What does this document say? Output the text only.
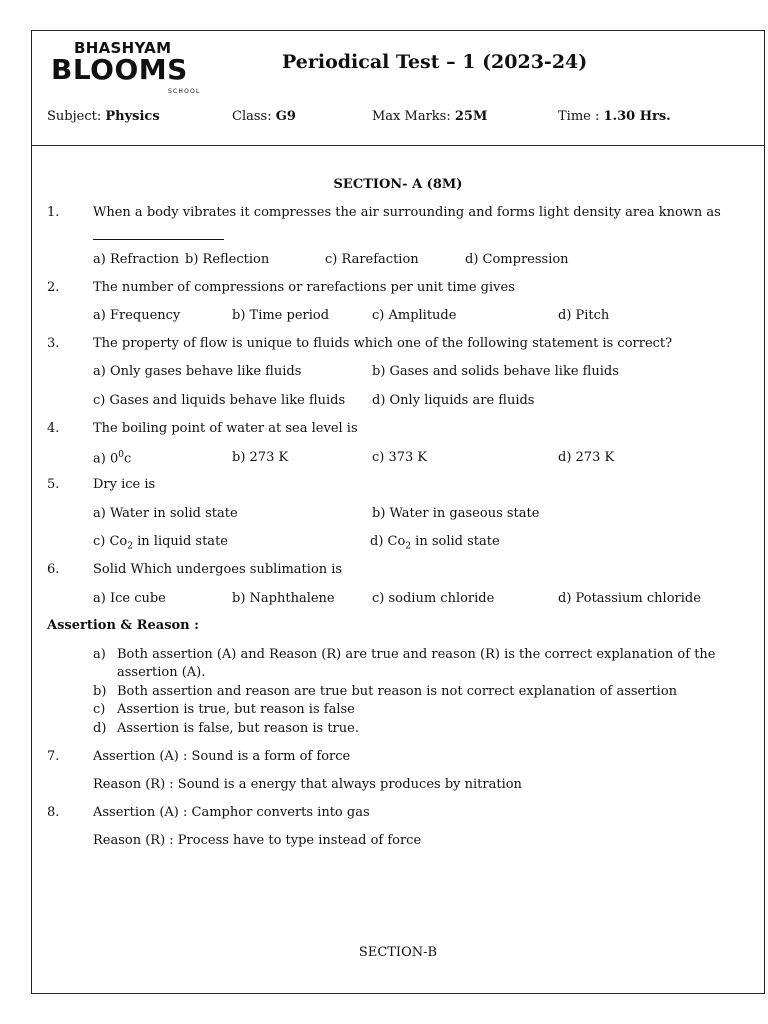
BHASHYAM
BLOOMS
SCHOOL
Periodical Test – 1 (2023-24)
Subject: Physics	Class: G9	Max Marks: 25M	Time : 1.30 Hrs.
SECTION- A (8M)
1.	When a body vibrates it compresses the air surrounding and forms light density area known as
a) Refraction b) Reflection	c) Rarefaction	d) Compression
2.	The number of compressions or rarefactions per unit time gives
a) Frequency	b) Time period	c) Amplitude	d) Pitch
3.	The property of flow is unique to fluids which one of the following statement is correct?
a) Only gases behave like fluids	b) Gases and solids behave like fluids
c) Gases and liquids behave like fluids d) Only liquids are fluids
4.	The boiling point of water at sea level is
a) $0^0c$	b) 273 K	c) 373 K	d) 273 K
5.	Dry ice is
a) Water in solid state	b) Water in gaseous state
c) $Co_2$ in liquid state	d) $Co_2$ in solid state
6.	Solid Which undergoes sublimation is
a) Ice cube	b) Naphthalene	c) sodium chloride	d) Potassium chloride
Assertion & Reason :
a) Both assertion (A) and Reason (R) are true and reason (R) is the correct explanation of the
assertion (A).
b) Both assertion and reason are true but reason is not correct explanation of assertion
c) Assertion is true, but reason is false
d) Assertion is false, but reason is true.
7.	Assertion (A) : Sound is a form of force
Reason (R) : Sound is a energy that always produces by nitration
8.	Assertion (A) : Camphor converts into gas
Reason (R) : Process have to type instead of force
SECTION-B
